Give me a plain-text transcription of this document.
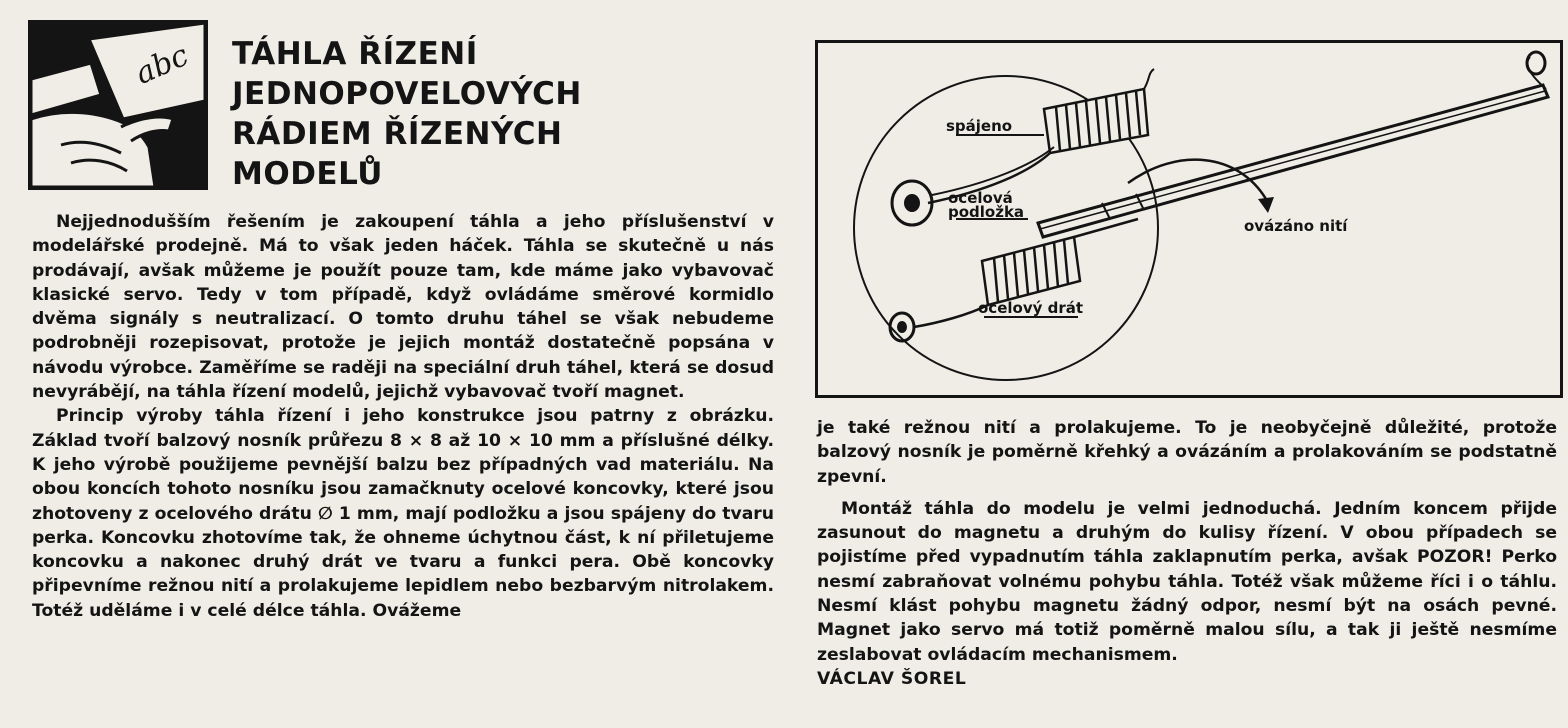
abc TÁHLA ŘÍZENÍ
JEDNOPOVELOVÝCH
RÁDIEM ŘÍZENÝCH
MODELŮ

Nejjednodušším řešením je zakoupení táhla a jeho příslušenství v modelářské prodejně. Má to však jeden háček. Táhla se skutečně u nás prodávají, avšak můžeme je použít pouze tam, kde máme jako vybavovač klasické servo. Tedy v tom případě, když ovládáme směrové kormidlo dvěma signály s neutralizací. O tomto druhu táhel se však nebudeme podrobněji rozepisovat, protože je jejich montáž dostatečně popsána v návodu výrobce. Zaměříme se raději na speciální druh táhel, která se dosud nevyrábějí, na táhla řízení modelů, jejichž vybavovač tvoří magnet.

Princip výroby táhla řízení i jeho konstrukce jsou patrny z obrázku. Základ tvoří balzový nosník průřezu 8 × 8 až 10 × 10 mm a příslušné délky. K jeho výrobě použijeme pevnější balzu bez případných vad materiálu. Na obou koncích tohoto nosníku jsou zamačknuty ocelové koncovky, které jsou zhotoveny z ocelového drátu ∅ 1 mm, mají podložku a jsou spájeny do tvaru perka. Koncovku zhotovíme tak, že ohneme úchytnou část, k ní přiletujeme koncovku a nakonec druhý drát ve tvaru a funkci pera. Obě koncovky připevníme režnou nití a prolakujeme lepidlem nebo bezbarvým nitrolakem. Totéž uděláme i v celé délce táhla. Ovážeme

spájeno
ocelová
podložka
ovázáno nití
ocelový drát

je také režnou nití a prolakujeme. To je neobyčejně důležité, protože balzový nosník je poměrně křehký a ovázáním a prolakováním se podstatně zpevní.

Montáž táhla do modelu je velmi jednoduchá. Jedním koncem přijde zasunout do magnetu a druhým do kulisy řízení. V obou případech se pojistíme před vypadnutím táhla zaklapnutím perka, avšak POZOR! Perko nesmí zabraňovat volnému pohybu táhla. Totéž však můžeme říci i o táhlu. Nesmí klást pohybu magnetu žádný odpor, nesmí být na osách pevné. Magnet jako servo má totiž poměrně malou sílu, a tak ji ještě nesmíme zeslabovat ovládacím mechanismem.

VÁCLAV ŠOREL
